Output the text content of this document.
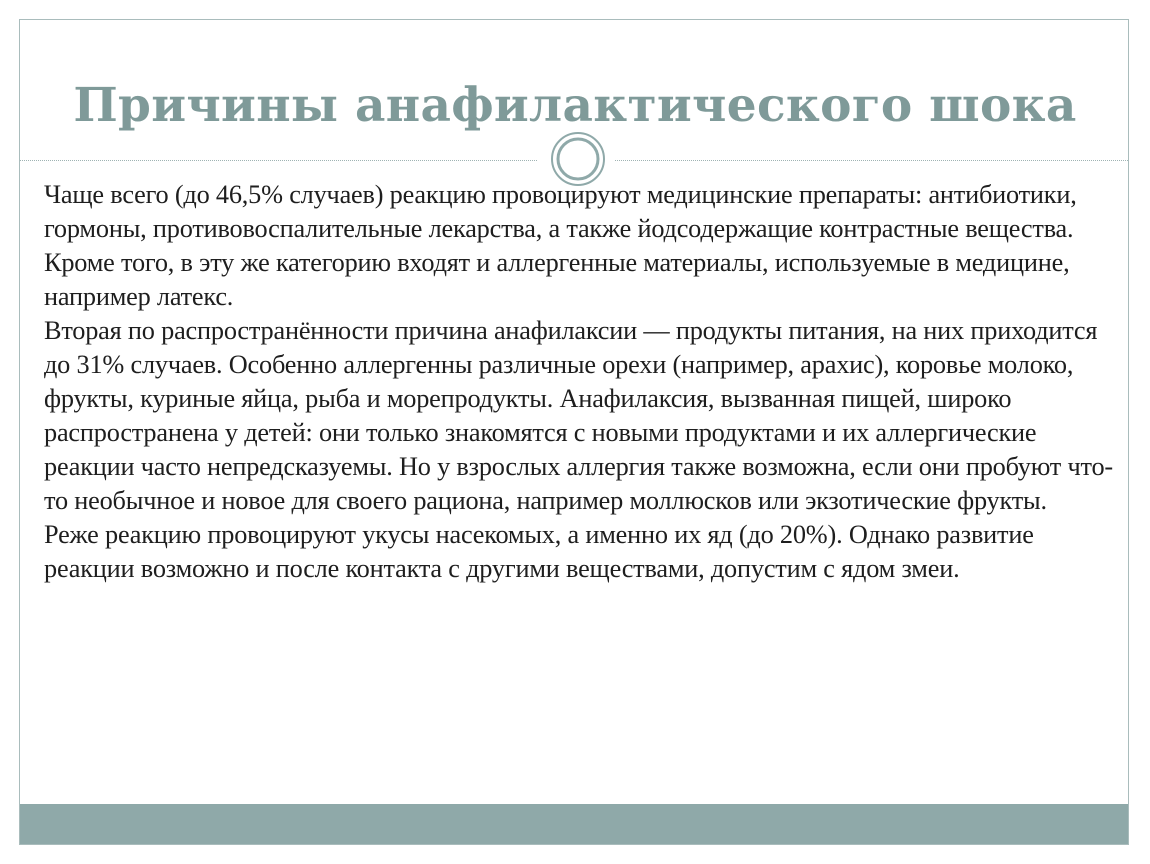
Причины анафилактического шока

Чаще всего (до 46,5% случаев) реакцию провоцируют медицинские препараты: антибиотики, гормоны, противовоспалительные лекарства, а также йодсодержащие контрастные вещества. Кроме того, в эту же категорию входят и аллергенные материалы, используемые в медицине, например латекс.

Вторая по распространённости причина анафилаксии — продукты питания, на них приходится до 31% случаев. Особенно аллергенны различные орехи (например, арахис), коровье молоко, фрукты, куриные яйца, рыба и морепродукты. Анафилаксия, вызванная пищей, широко распространена у детей: они только знакомятся с новыми продуктами и их аллергические реакции часто непредсказуемы. Но у взрослых аллергия также возможна, если они пробуют что-то необычное и новое для своего рациона, например моллюсков или экзотические фрукты.

Реже реакцию провоцируют укусы насекомых, а именно их яд (до 20%). Однако развитие реакции возможно и после контакта с другими веществами, допустим с ядом змеи.
